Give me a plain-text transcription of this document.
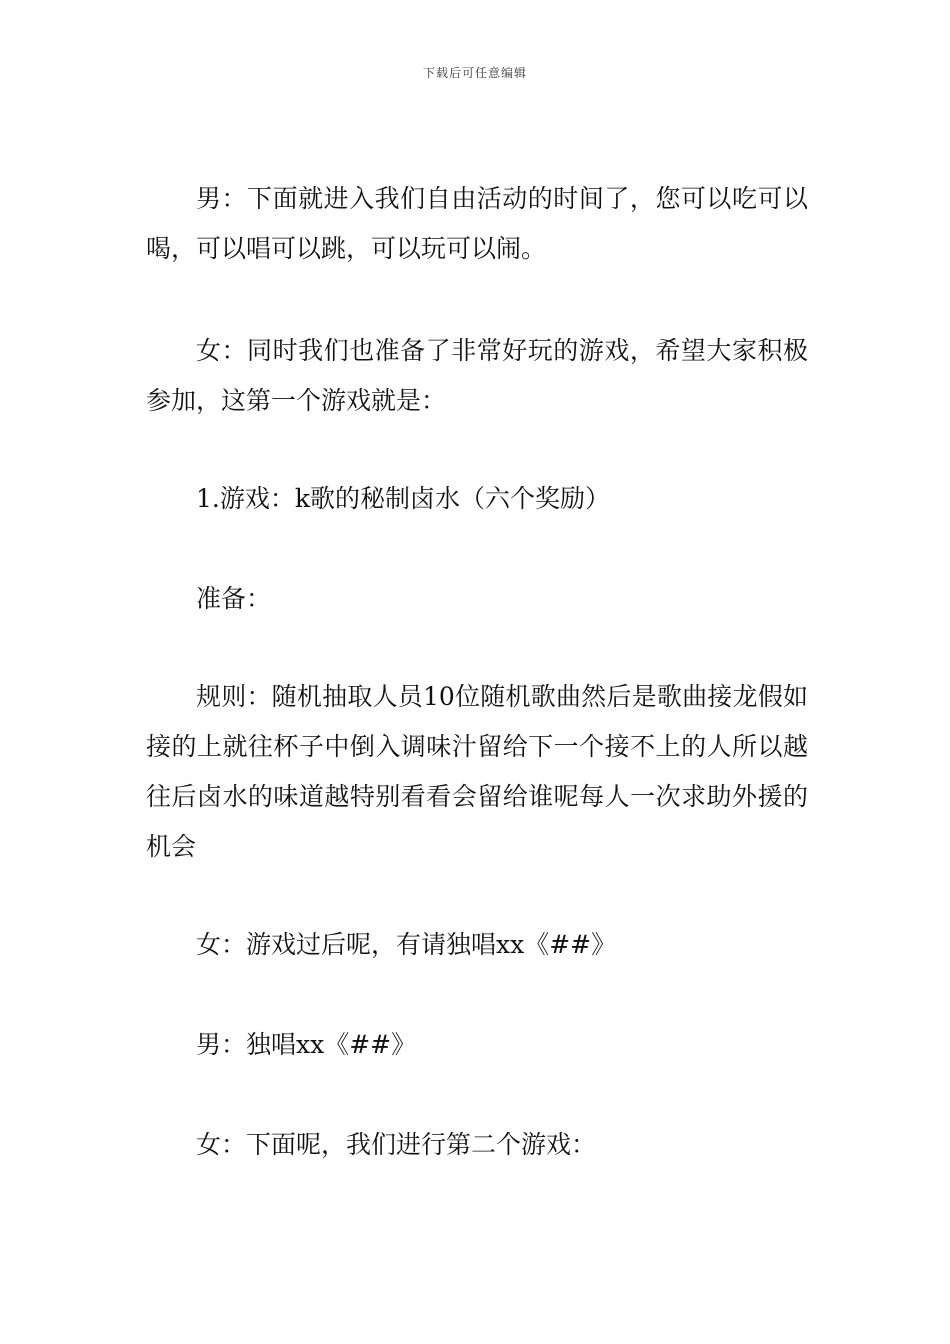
下载后可任意编辑

男：下面就进入我们自由活动的时间了，您可以吃可以喝，可以唱可以跳，可以玩可以闹。

女：同时我们也准备了非常好玩的游戏，希望大家积极参加，这第一个游戏就是：

1.游戏：k歌的秘制卤水（六个奖励）

准备：

规则：随机抽取人员10位随机歌曲然后是歌曲接龙假如接的上就往杯子中倒入调味汁留给下一个接不上的人所以越往后卤水的味道越特别看看会留给谁呢每人一次求助外援的机会

女：游戏过后呢，有请独唱xx《##》

男：独唱xx《##》

女：下面呢，我们进行第二个游戏：
